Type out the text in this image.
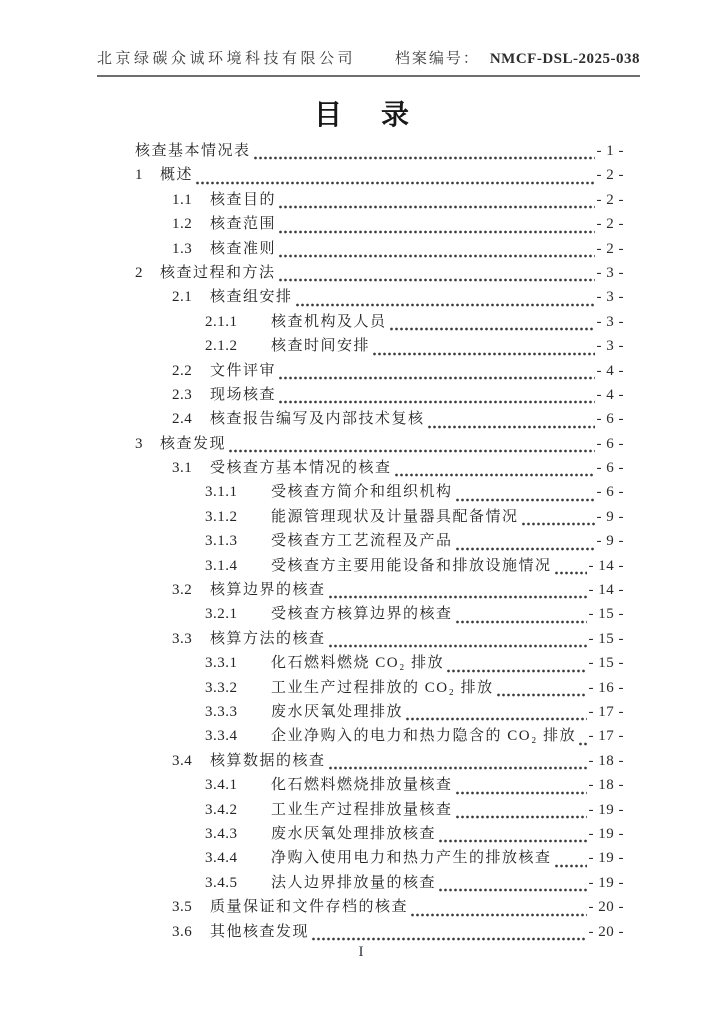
北京绿碳众诚环境科技有限公司	档案编号： NMCF-DSL-2025-038
目 录
核查基本情况表	- 1 -
1	概述	- 2 -
1.1	核查目的	- 2 -
1.2	核查范围	- 2 -
1.3	核查准则	- 2 -
2	核查过程和方法	- 3 -
2.1	核查组安排	- 3 -
2.1.1	核查机构及人员	- 3 -
2.1.2	核查时间安排	- 3 -
2.2	文件评审	- 4 -
2.3	现场核查	- 4 -
2.4	核查报告编写及内部技术复核	- 6 -
3	核查发现	- 6 -
3.1	受核查方基本情况的核查	- 6 -
3.1.1	受核查方简介和组织机构	- 6 -
3.1.2	能源管理现状及计量器具配备情况	- 9 -
3.1.3	受核查方工艺流程及产品	- 9 -
3.1.4	受核查方主要用能设备和排放设施情况 - 14 -
3.2	核算边界的核查	- 14 -
3.2.1	受核查方核算边界的核查	- 15 -
3.3	核算方法的核查	- 15 -
3.3.1	化石燃料燃烧 CO₂ 排放	- 15 -
3.3.2	工业生产过程排放的 CO₂ 排放	- 16 -
3.3.3	废水厌氧处理排放	- 17 -
3.3.4	企业净购入的电力和热力隐含的 CO₂ 排放 - 17 -
3.4	核算数据的核查	- 18 -
3.4.1	化石燃料燃烧排放量核查	- 18 -
3.4.2	工业生产过程排放量核查	- 19 -
3.4.3	废水厌氧处理排放核查	- 19 -
3.4.4	净购入使用电力和热力产生的排放核查 - 19 -
3.4.5	法人边界排放量的核查	- 19 -
3.5	质量保证和文件存档的核查	- 20 -
3.6	其他核查发现	- 20 -
I
